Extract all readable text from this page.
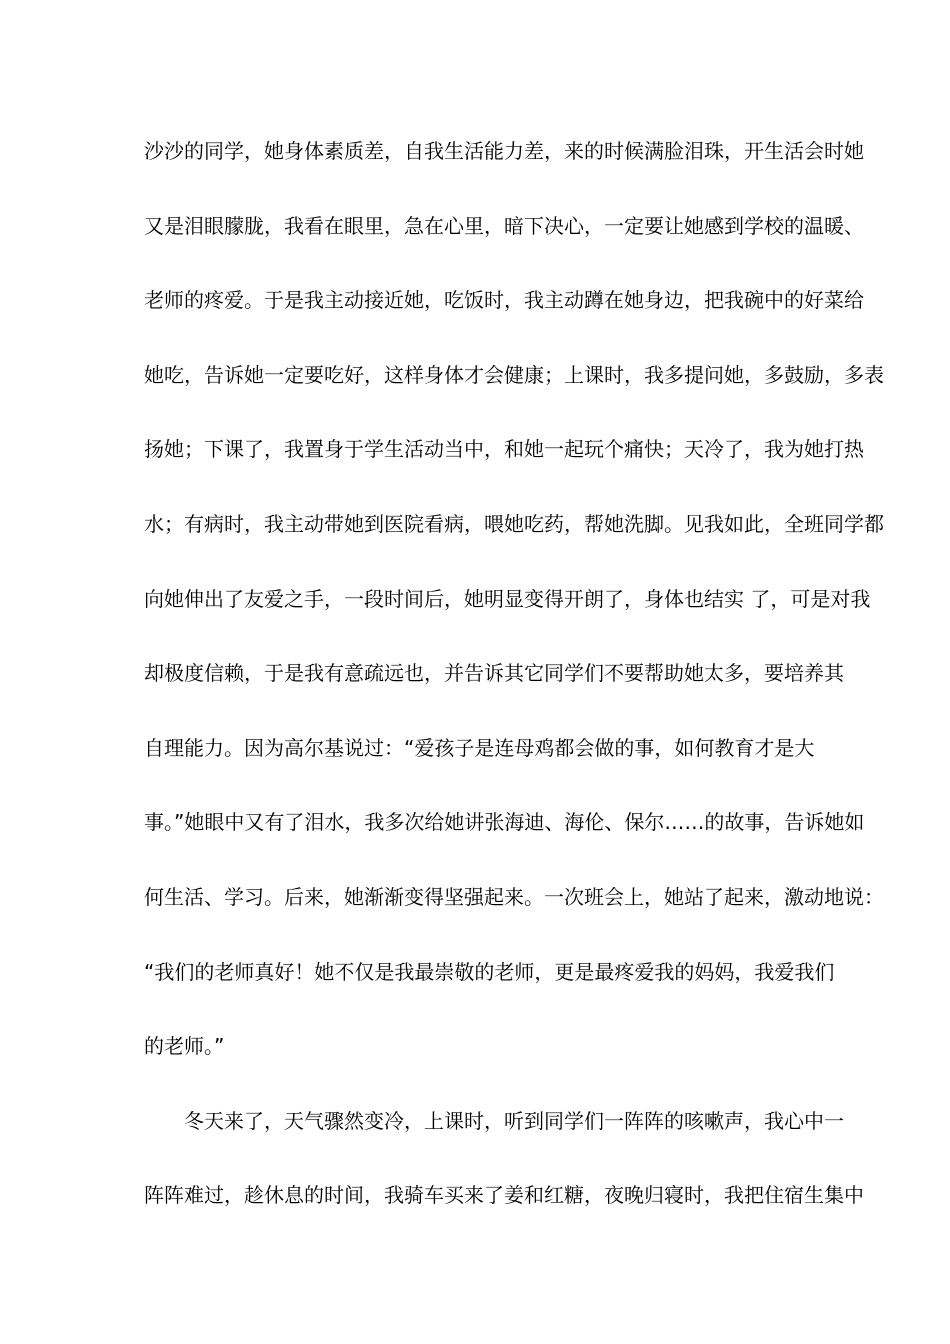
沙沙的同学，她身体素质差，自我生活能力差，来的时候满脸泪珠，开生活会时她
又是泪眼朦胧，我看在眼里，急在心里，暗下决心，一定要让她感到学校的温暖、
老师的疼爱。于是我主动接近她，吃饭时，我主动蹲在她身边，把我碗中的好菜给
她吃，告诉她一定要吃好，这样身体才会健康；上课时，我多提问她，多鼓励，多表
扬她；下课了，我置身于学生活动当中，和她一起玩个痛快；天冷了，我为她打热
水；有病时，我主动带她到医院看病，喂她吃药，帮她洗脚。见我如此，全班同学都
向她伸出了友爱之手，一段时间后，她明显变得开朗了，身体也结实 了，可是对我
却极度信赖，于是我有意疏远也，并告诉其它同学们不要帮助她太多，要培养其
自理能力。因为高尔基说过：“爱孩子是连母鸡都会做的事，如何教育才是大
事。”她眼中又有了泪水，我多次给她讲张海迪、海伦、保尔……的故事，告诉她如
何生活、学习。后来，她渐渐变得坚强起来。一次班会上，她站了起来，激动地说：
“我们的老师真好！她不仅是我最崇敬的老师，更是最疼爱我的妈妈，我爱我们
的老师。”
　　冬天来了，天气骤然变冷，上课时，听到同学们一阵阵的咳嗽声，我心中一
阵阵难过，趁休息的时间，我骑车买来了姜和红糖，夜晚归寝时，我把住宿生集中
